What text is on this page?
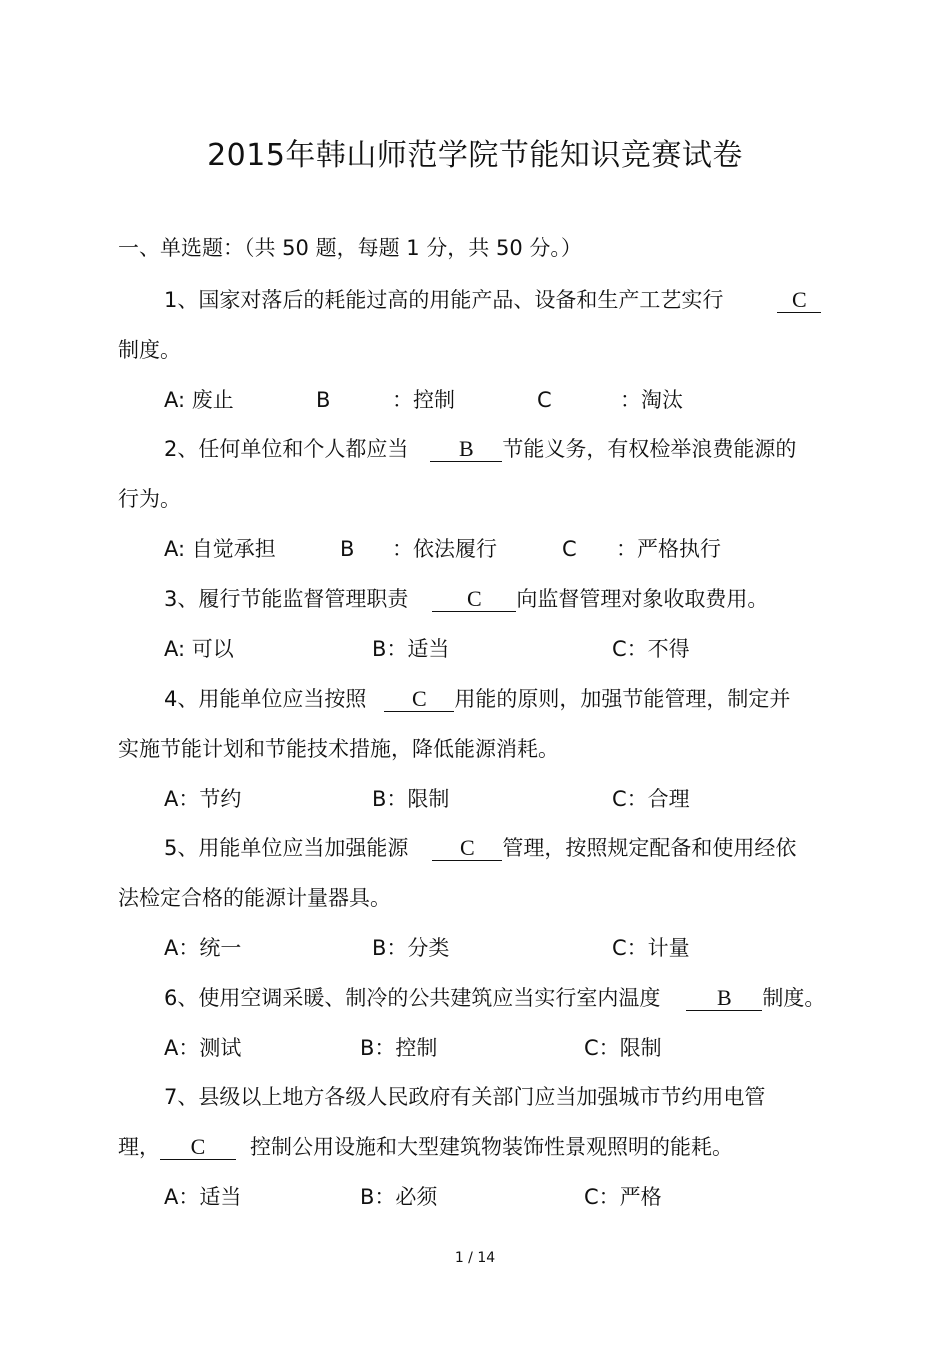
2015年韩山师范学院节能知识竞赛试卷
一、单选题：（共 50 题，每题 1 分，共 50 分。）
1、国家对落后的耗能过高的用能产品、设备和生产工艺实行	C
制度。
A: 废止	B	：控制	C	：淘汰
2、任何单位和个人都应当 B 节能义务，有权检举浪费能源的
行为。
A: 自觉承担	B ：依法履行	C ：严格执行
3、履行节能监督管理职责	C 向监督管理对象收取费用。
A: 可以	B：适当	C：不得
4、用能单位应当按照 C 用能的原则，加强节能管理，制定并
实施节能计划和节能技术措施，降低能源消耗。
A：节约	B：限制	C：合理
5、用能单位应当加强能源 C 管理，按照规定配备和使用经依
法检定合格的能源计量器具。
A：统一	B：分类	C：计量
6、使用空调采暖、制冷的公共建筑应当实行室内温度	B 制度。
A：测试	B：控制	C：限制
7、县级以上地方各级人民政府有关部门应当加强城市节约用电管
理， C 控制公用设施和大型建筑物装饰性景观照明的能耗。
A：适当	B：必须	C：严格
1 / 14
